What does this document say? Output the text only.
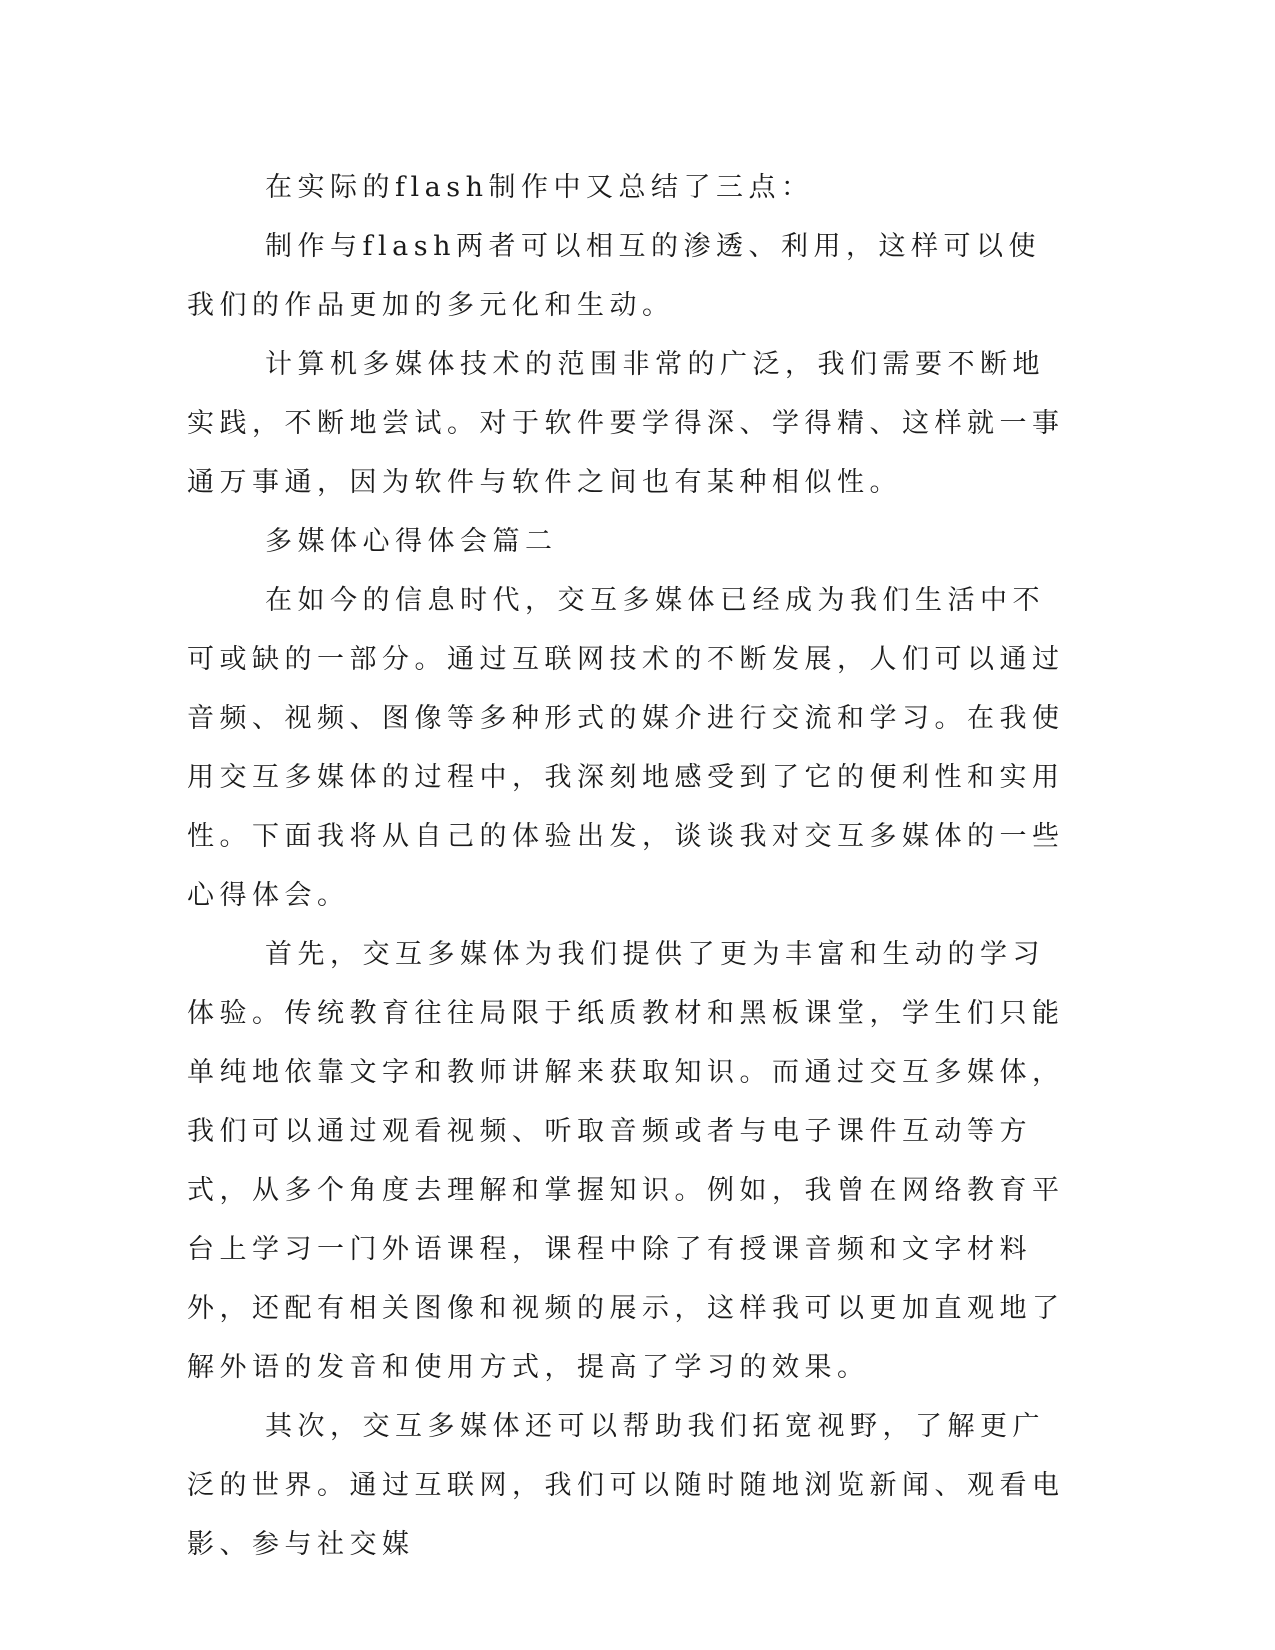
在实际的flash制作中又总结了三点：

制作与flash两者可以相互的渗透、利用，这样可以使我们的作品更加的多元化和生动。

计算机多媒体技术的范围非常的广泛，我们需要不断地实践，不断地尝试。对于软件要学得深、学得精、这样就一事通万事通，因为软件与软件之间也有某种相似性。

多媒体心得体会篇二

在如今的信息时代，交互多媒体已经成为我们生活中不可或缺的一部分。通过互联网技术的不断发展，人们可以通过音频、视频、图像等多种形式的媒介进行交流和学习。在我使用交互多媒体的过程中，我深刻地感受到了它的便利性和实用性。下面我将从自己的体验出发，谈谈我对交互多媒体的一些心得体会。

首先，交互多媒体为我们提供了更为丰富和生动的学习体验。传统教育往往局限于纸质教材和黑板课堂，学生们只能单纯地依靠文字和教师讲解来获取知识。而通过交互多媒体，我们可以通过观看视频、听取音频或者与电子课件互动等方式，从多个角度去理解和掌握知识。例如，我曾在网络教育平台上学习一门外语课程，课程中除了有授课音频和文字材料外，还配有相关图像和视频的展示，这样我可以更加直观地了解外语的发音和使用方式，提高了学习的效果。

其次，交互多媒体还可以帮助我们拓宽视野，了解更广泛的世界。通过互联网，我们可以随时随地浏览新闻、观看电影、参与社交媒
